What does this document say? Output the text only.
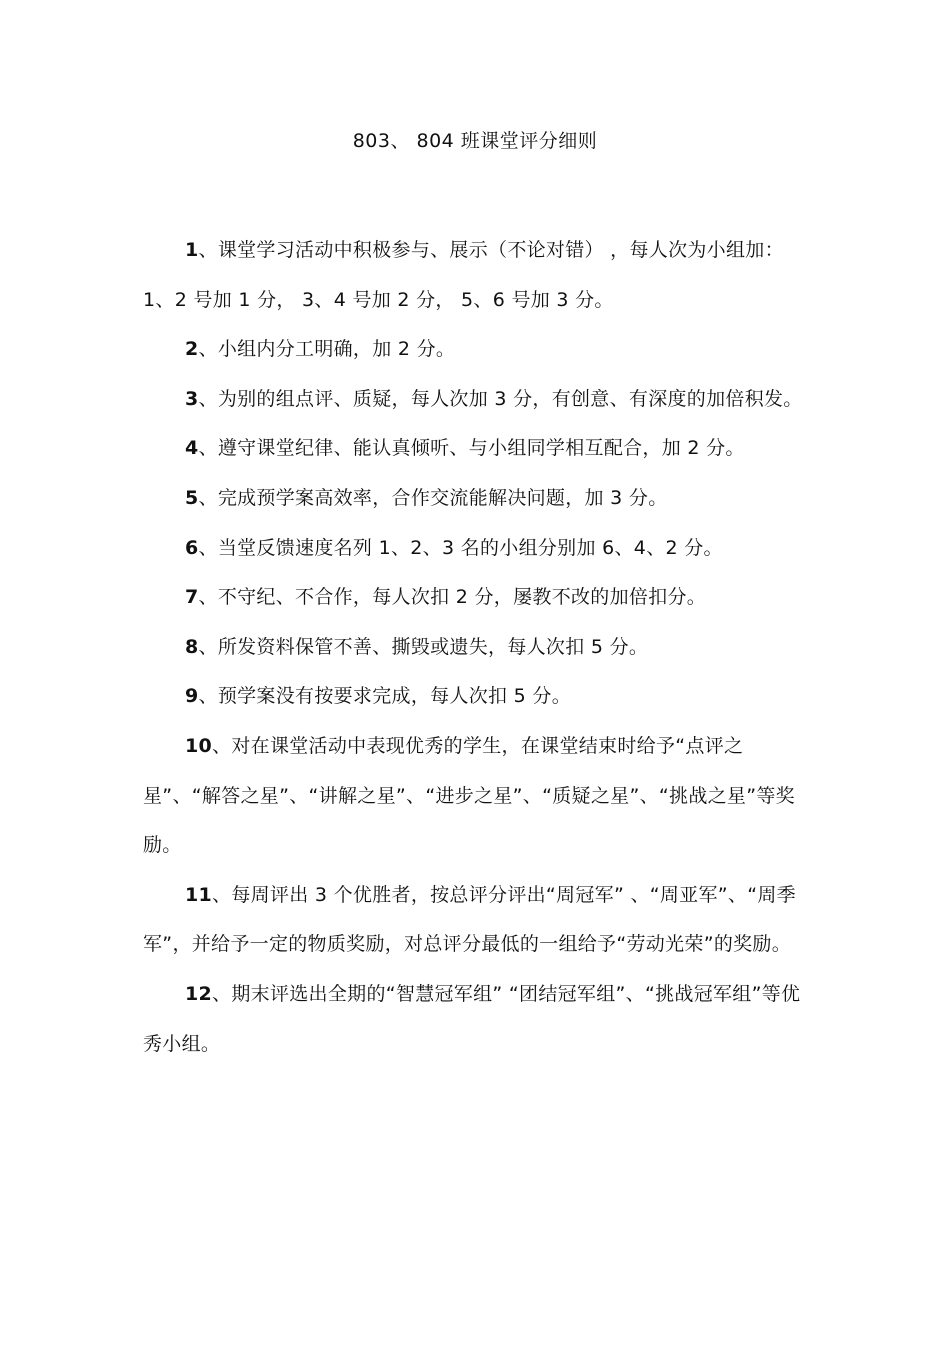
803、 804 班课堂评分细则

1、课堂学习活动中积极参与、展示（不论对错） ，每人次为小组加：1、2 号加 1 分， 3、4 号加 2 分， 5、6 号加 3 分。

2、小组内分工明确，加 2 分。

3、为别的组点评、质疑，每人次加 3 分，有创意、有深度的加倍积发。

4、遵守课堂纪律、能认真倾听、与小组同学相互配合，加 2 分。

5、完成预学案高效率，合作交流能解决问题，加 3 分。

6、当堂反馈速度名列 1、2、3 名的小组分别加 6、4、2 分。

7、不守纪、不合作，每人次扣 2 分，屡教不改的加倍扣分。

8、所发资料保管不善、撕毁或遗失，每人次扣 5 分。

9、预学案没有按要求完成，每人次扣 5 分。

10、对在课堂活动中表现优秀的学生，在课堂结束时给予“点评之星”、“解答之星”、“讲解之星”、“进步之星”、“质疑之星”、“挑战之星”等奖励。

11、每周评出 3 个优胜者，按总评分评出“周冠军” 、“周亚军”、“周季军”，并给予一定的物质奖励，对总评分最低的一组给予“劳动光荣”的奖励。

12、期末评选出全期的“智慧冠军组” “团结冠军组”、“挑战冠军组”等优秀小组。
